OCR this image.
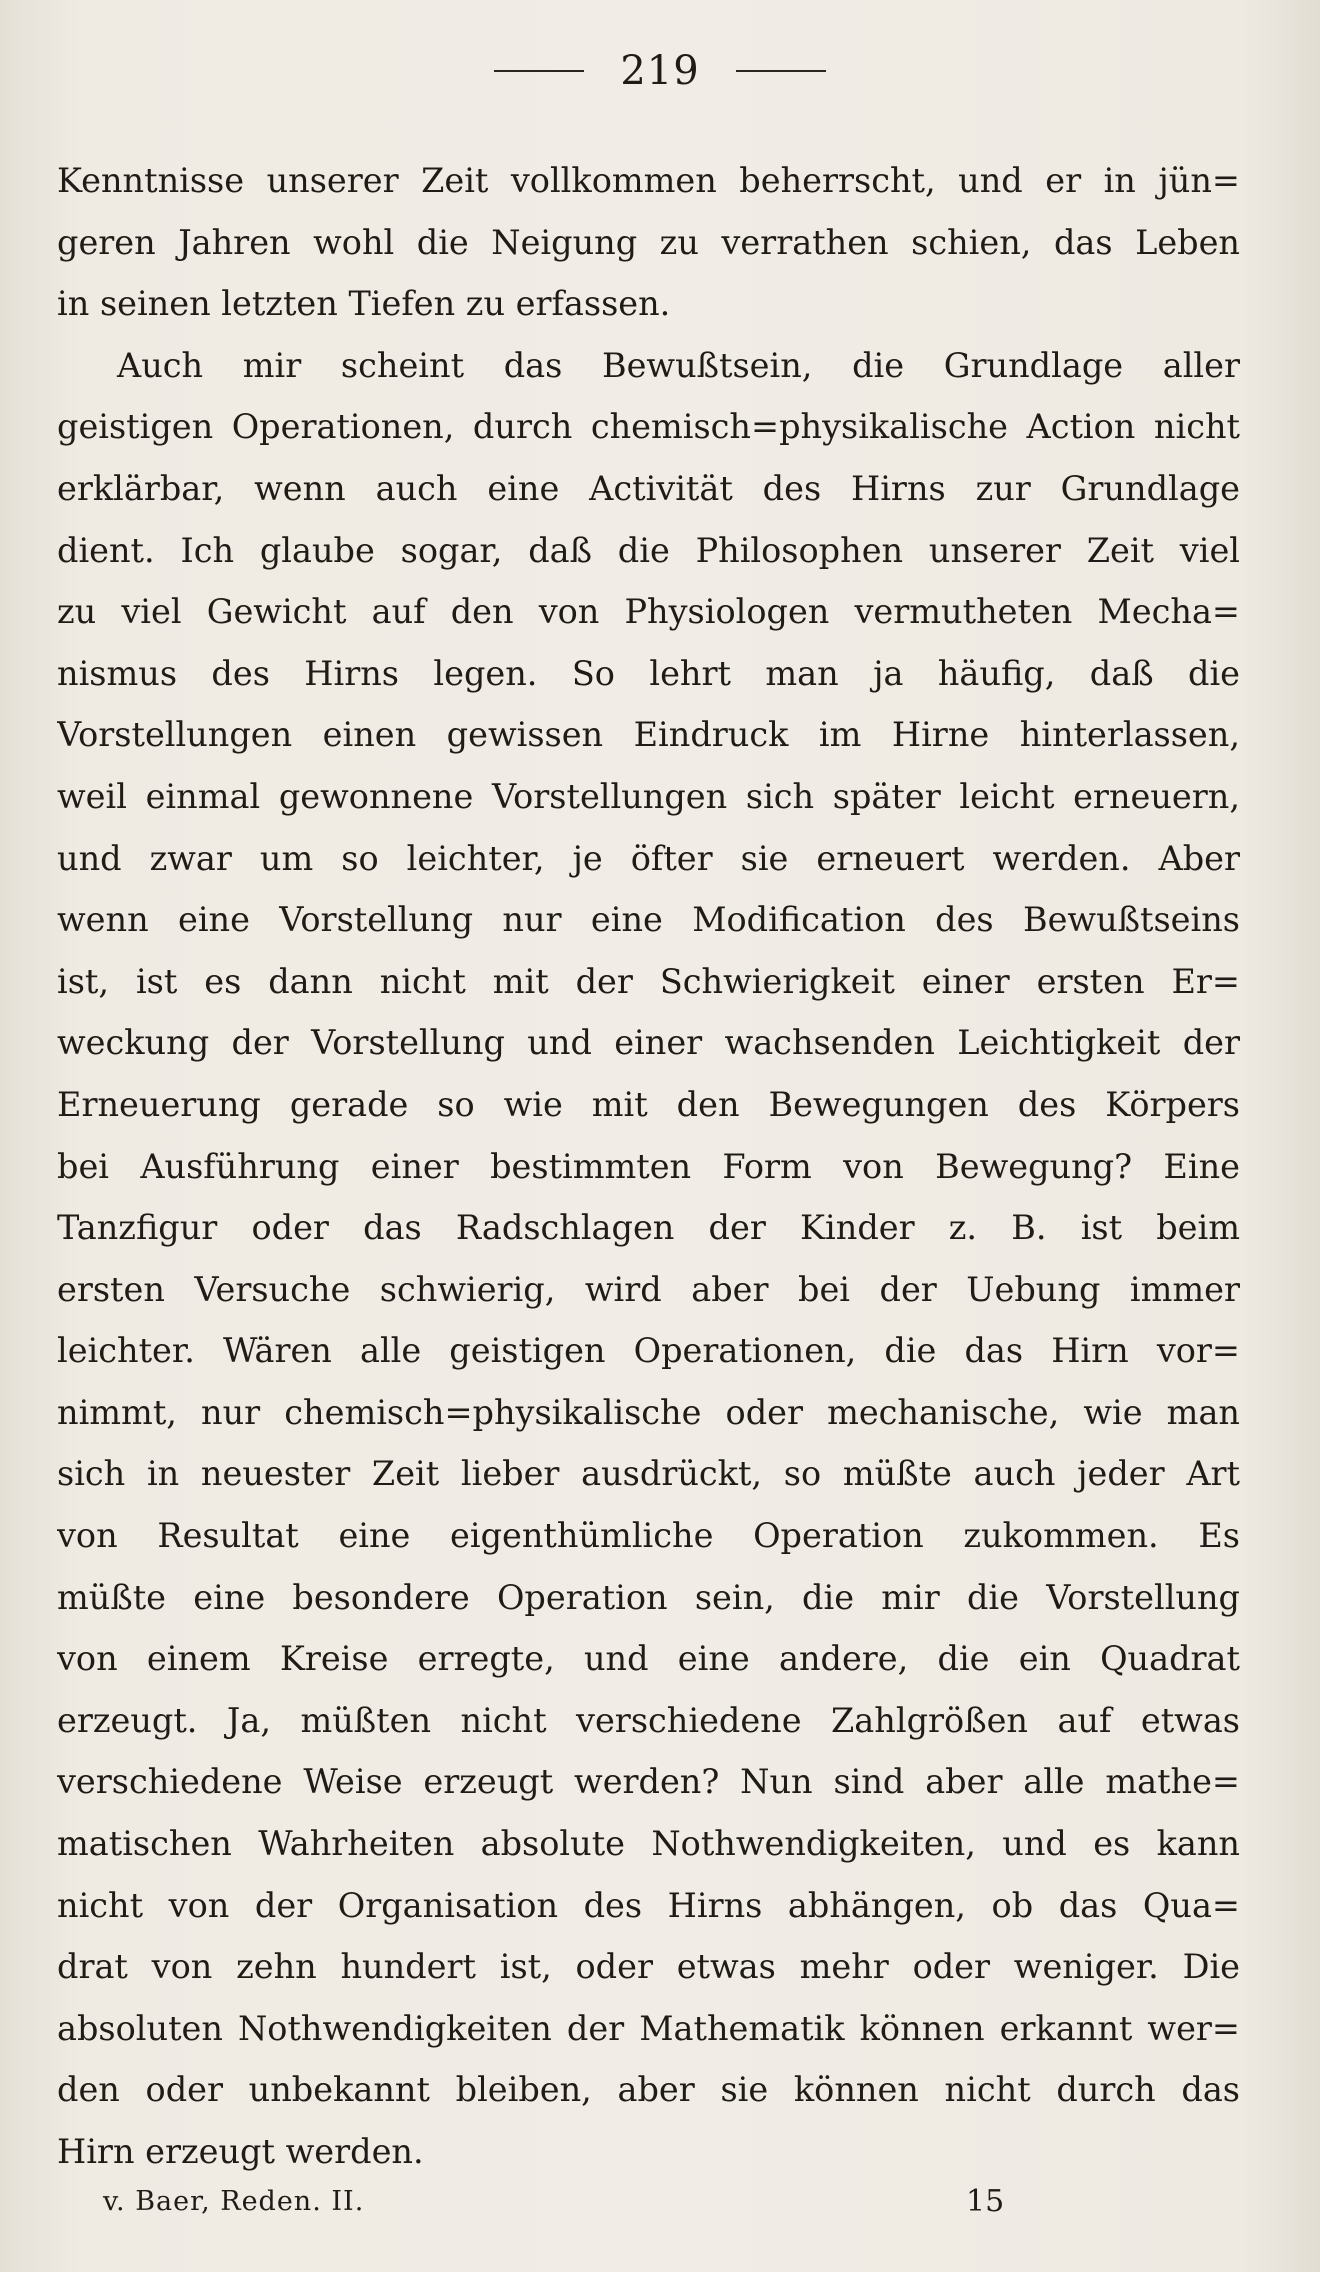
219
Kenntnisse unserer Zeit vollkommen beherrscht, und er in jün=
geren Jahren wohl die Neigung zu verrathen schien, das Leben
in seinen letzten Tiefen zu erfassen.
Auch mir scheint das Bewußtsein, die Grundlage aller
geistigen Operationen, durch chemisch=physikalische Action nicht
erklärbar, wenn auch eine Activität des Hirns zur Grundlage
dient. Ich glaube sogar, daß die Philosophen unserer Zeit viel
zu viel Gewicht auf den von Physiologen vermutheten Mecha=
nismus des Hirns legen. So lehrt man ja häufig, daß die
Vorstellungen einen gewissen Eindruck im Hirne hinterlassen,
weil einmal gewonnene Vorstellungen sich später leicht erneuern,
und zwar um so leichter, je öfter sie erneuert werden. Aber
wenn eine Vorstellung nur eine Modification des Bewußtseins
ist, ist es dann nicht mit der Schwierigkeit einer ersten Er=
weckung der Vorstellung und einer wachsenden Leichtigkeit der
Erneuerung gerade so wie mit den Bewegungen des Körpers
bei Ausführung einer bestimmten Form von Bewegung? Eine
Tanzfigur oder das Radschlagen der Kinder z. B. ist beim
ersten Versuche schwierig, wird aber bei der Uebung immer
leichter. Wären alle geistigen Operationen, die das Hirn vor=
nimmt, nur chemisch=physikalische oder mechanische, wie man
sich in neuester Zeit lieber ausdrückt, so müßte auch jeder Art
von Resultat eine eigenthümliche Operation zukommen. Es
müßte eine besondere Operation sein, die mir die Vorstellung
von einem Kreise erregte, und eine andere, die ein Quadrat
erzeugt. Ja, müßten nicht verschiedene Zahlgrößen auf etwas
verschiedene Weise erzeugt werden? Nun sind aber alle mathe=
matischen Wahrheiten absolute Nothwendigkeiten, und es kann
nicht von der Organisation des Hirns abhängen, ob das Qua=
drat von zehn hundert ist, oder etwas mehr oder weniger. Die
absoluten Nothwendigkeiten der Mathematik können erkannt wer=
den oder unbekannt bleiben, aber sie können nicht durch das
Hirn erzeugt werden.
v. Baer, Reden. II.	15
